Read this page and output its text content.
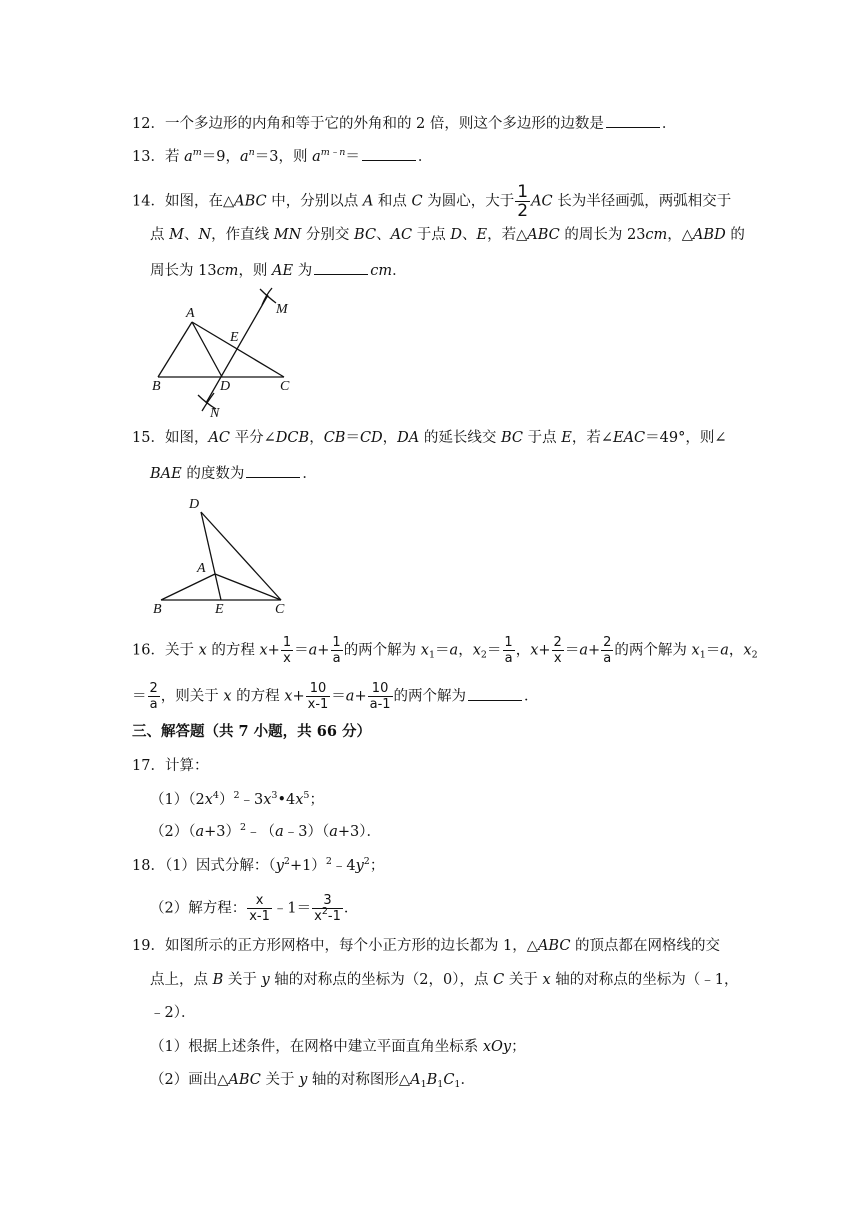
12．一个多边形的内角和等于它的外角和的 2 倍，则这个多边形的边数是	．
13．若 $a^m=9$，$a^n=3$，则 $a^{m﹣n}=$	．
14．如图，在△ABC 中，分别以点 A 和点 C 为圆心，大于 $\frac{1}{2}$ AC 长为半径画弧，两弧相交于
点 M、N，作直线 MN 分别交 BC、AC 于点 D、E，若△ABC 的周长为 23cm，△ABD 的
周长为 13cm，则 AE 为	cm．
A
B	C
D
E
M
N
15．如图，AC 平分∠DCB，CB＝CD，DA 的延长线交 BC 于点 E，若∠EAC＝49°，则∠
BAE 的度数为	．
D
A
B	E	C
16．关于 x 的方程 $x+ \frac{1}{x} =a+ \frac{1}{a}$ 的两个解为 $x_1=a$，$x_2= \frac{1}{a}$ ，$x+ \frac{2}{x} =a+ \frac{2}{a}$ 的两个解为 $x_1=a$，$x_2$
＝ $\frac{2}{a}$ ，则关于 x 的方程 $x+ \frac{10}{x-1} =a+ \frac{10}{a-1}$ 的两个解为	．
三、解答题（共 7 小题，共 66 分）
17．计算：
$(1)(2x^4)^2﹣3x^3•4x^5$；
$(2)(a+3)^2﹣(a﹣3)(a+3)$．
18．（1）因式分解：$(y^2+1)^2﹣4y^2$；
（2）解方程： $\frac{x}{x-1}$ ﹣1＝ $\frac{3}{x^2-1}$ ．
19．如图所示的正方形网格中，每个小正方形的边长都为 1，△ABC 的顶点都在网格线的交
点上，点 B 关于 y 轴的对称点的坐标为（2，0），点 C 关于 x 轴的对称点的坐标为（﹣1，
﹣2）．
（1）根据上述条件，在网格中建立平面直角坐标系 xOy；
（2）画出△ABC 关于 y 轴的对称图形$\triangle A_1B_1C_1$．
